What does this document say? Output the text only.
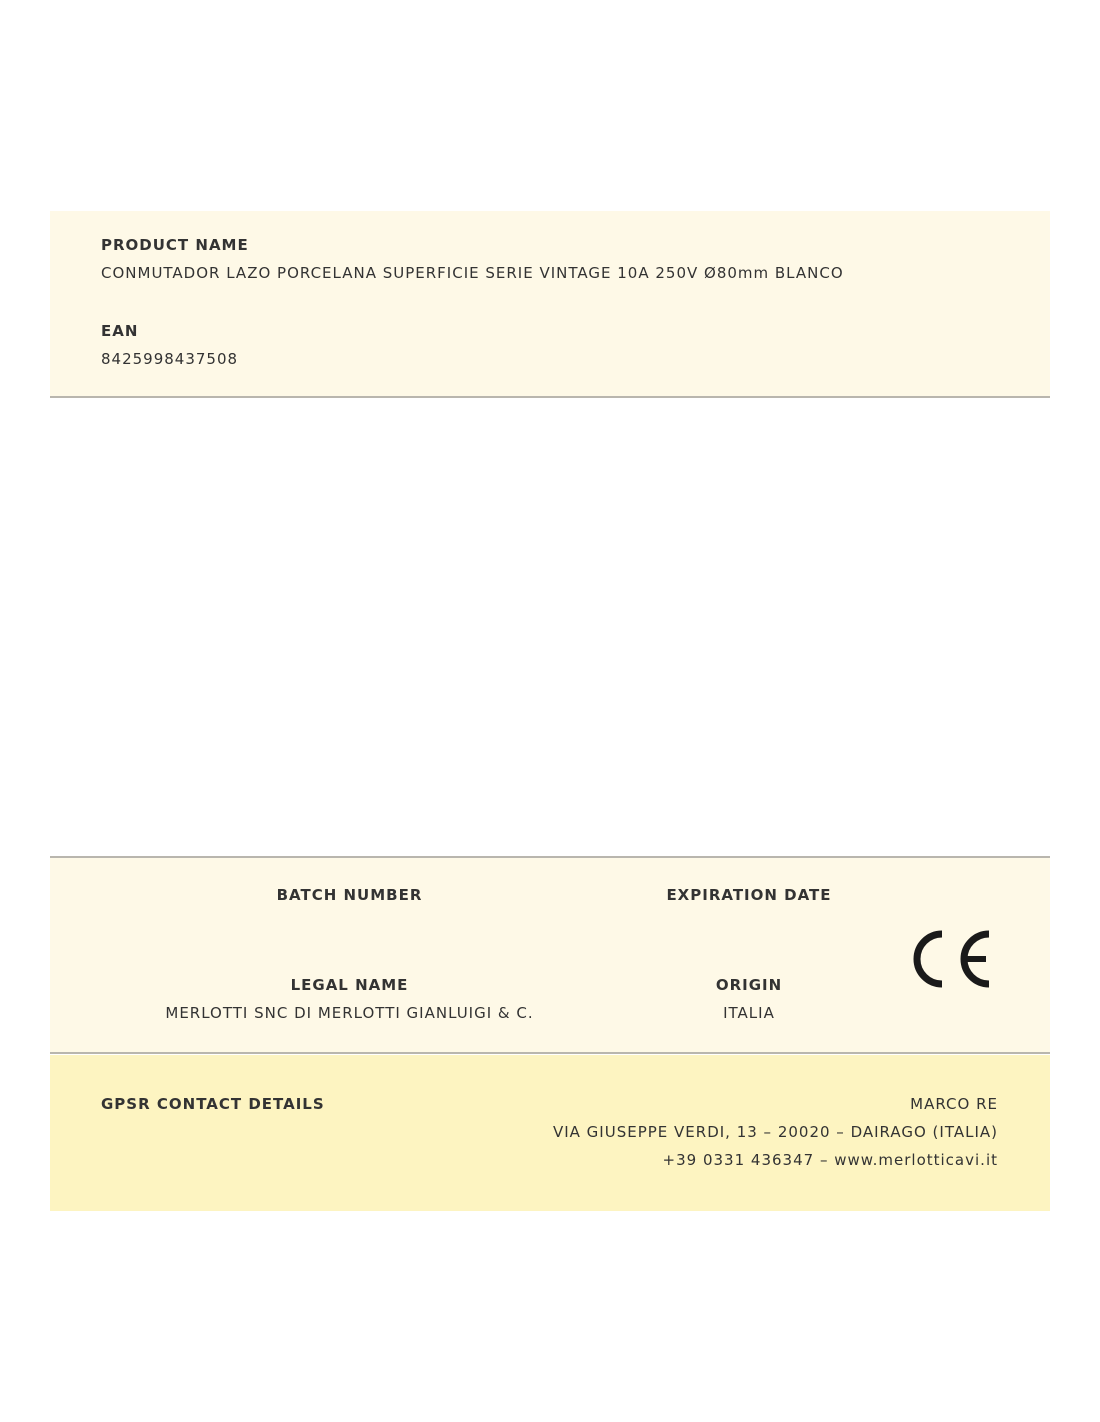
PRODUCT NAME

CONMUTADOR LAZO PORCELANA SUPERFICIE SERIE VINTAGE 10A 250V Ø80mm BLANCO

EAN

8425998437508

BATCH NUMBER	EXPIRATION DATE

LEGAL NAME

MERLOTTI SNC DI MERLOTTI GIANLUIGI & C.

ORIGIN

ITALIA

GPSR CONTACT DETAILS	MARCO RE

VIA GIUSEPPE VERDI, 13 – 20020 – DAIRAGO (ITALIA)

+39 0331 436347 – www.merlotticavi.it
